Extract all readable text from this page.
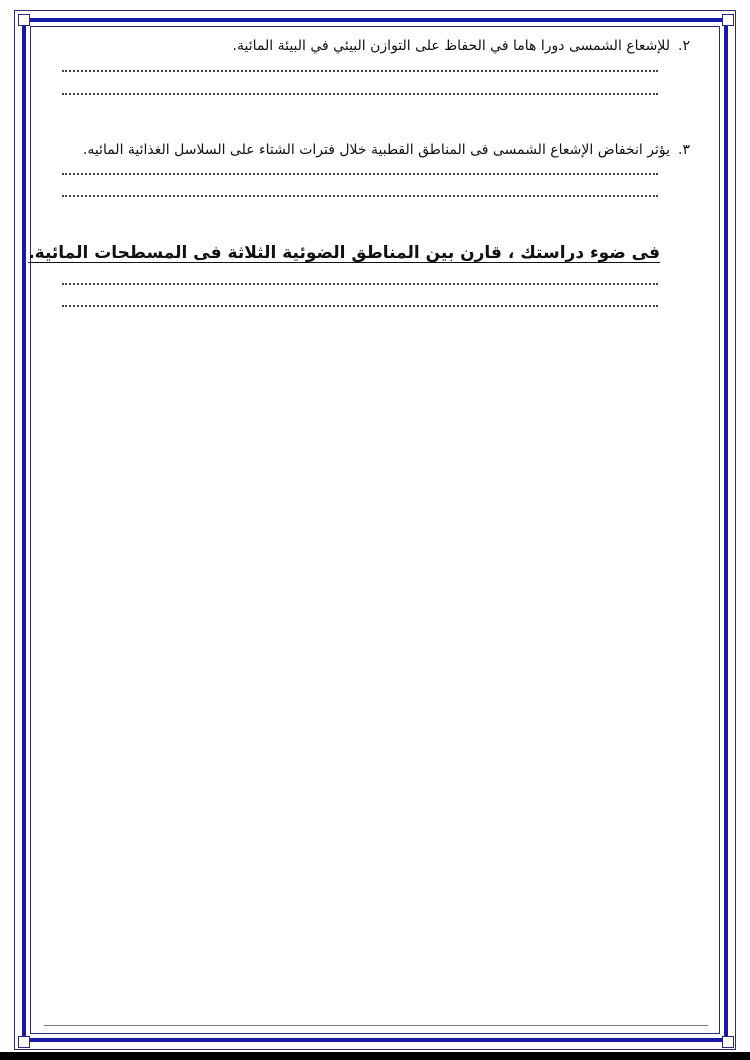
٢.للإشعاع الشمسى دورا هاما في الحفاظ على التوازن البيئي في البيئة المائية.
٣.يؤثر انخفاض الإشعاع الشمسى فى المناطق القطبية خلال فترات الشتاء على السلاسل الغذائية المائيه.
فى ضوء دراستك ، قارن بين المناطق الضوئية الثلاثة فى المسطحات المائية.
